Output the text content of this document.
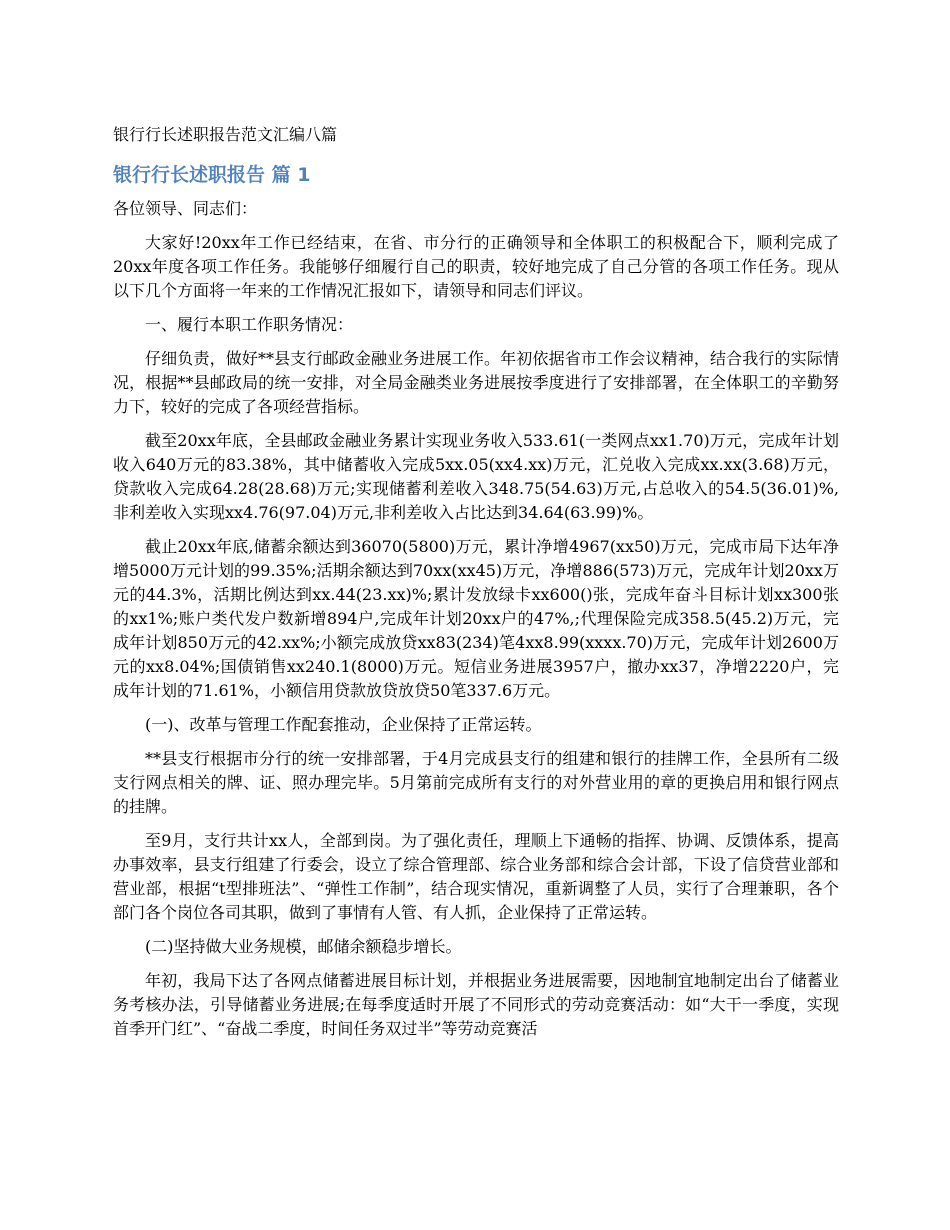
银行行长述职报告范文汇编八篇
银行行长述职报告 篇 1
各位领导、同志们：

大家好!20xx年工作已经结束，在省、市分行的正确领导和全体职工的积极配合下，顺利完成了20xx年度各项工作任务。我能够仔细履行自己的职责，较好地完成了自己分管的各项工作任务。现从以下几个方面将一年来的工作情况汇报如下，请领导和同志们评议。

一、履行本职工作职务情况：

仔细负责，做好**县支行邮政金融业务进展工作。年初依据省市工作会议精神，结合我行的实际情况，根据**县邮政局的统一安排，对全局金融类业务进展按季度进行了安排部署，在全体职工的辛勤努力下，较好的完成了各项经营指标。

截至20xx年底，全县邮政金融业务累计实现业务收入533.61(一类网点xx1.70)万元，完成年计划收入640万元的83.38%，其中储蓄收入完成5xx.05(xx4.xx)万元，汇兑收入完成xx.xx(3.68)万元，贷款收入完成64.28(28.68)万元;实现储蓄利差收入348.75(54.63)万元,占总收入的54.5(36.01)%,非利差收入实现xx4.76(97.04)万元,非利差收入占比达到34.64(63.99)%。

截止20xx年底,储蓄余额达到36070(5800)万元，累计净增4967(xx50)万元，完成市局下达年净增5000万元计划的99.35%;活期余额达到70xx(xx45)万元，净增886(573)万元，完成年计划20xx万元的44.3%，活期比例达到xx.44(23.xx)%;累计发放绿卡xx600()张，完成年奋斗目标计划xx300张的xx1%;账户类代发户数新增894户,完成年计划20xx户的47%,;代理保险完成358.5(45.2)万元，完成年计划850万元的42.xx%;小额完成放贷xx83(234)笔4xx8.99(xxxx.70)万元，完成年计划2600万元的xx8.04%;国债销售xx240.1(8000)万元。短信业务进展3957户，撤办xx37，净增2220户，完成年计划的71.61%，小额信用贷款放贷放贷50笔337.6万元。

(一)、改革与管理工作配套推动，企业保持了正常运转。

**县支行根据市分行的统一安排部署，于4月完成县支行的组建和银行的挂牌工作，全县所有二级支行网点相关的牌、证、照办理完毕。5月第前完成所有支行的对外营业用的章的更换启用和银行网点的挂牌。

至9月，支行共计xx人，全部到岗。为了强化责任，理顺上下通畅的指挥、协调、反馈体系，提高办事效率，县支行组建了行委会，设立了综合管理部、综合业务部和综合会计部，下设了信贷营业部和营业部，根据“t型排班法”、“弹性工作制”，结合现实情况，重新调整了人员，实行了合理兼职，各个部门各个岗位各司其职，做到了事情有人管、有人抓，企业保持了正常运转。

(二)坚持做大业务规模，邮储余额稳步增长。

年初，我局下达了各网点储蓄进展目标计划，并根据业务进展需要，因地制宜地制定出台了储蓄业务考核办法，引导储蓄业务进展;在每季度适时开展了不同形式的劳动竞赛活动：如“大干一季度，实现首季开门红”、“奋战二季度，时间任务双过半”等劳动竞赛活
